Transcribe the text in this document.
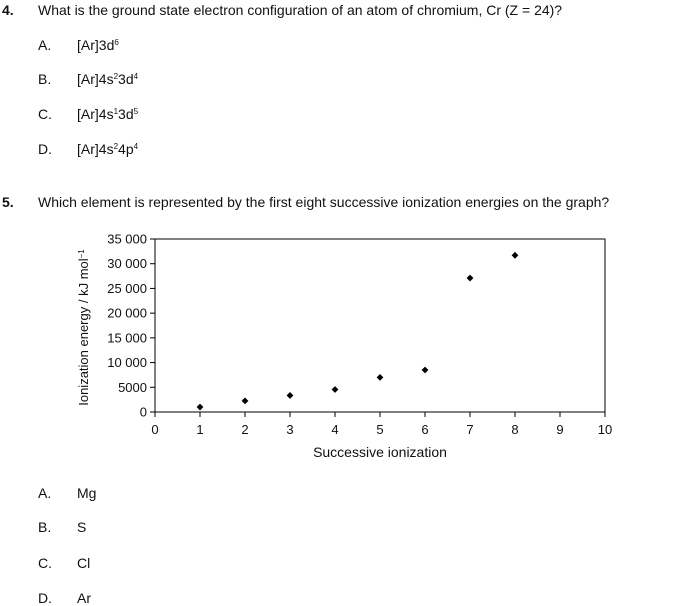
4. What is the ground state electron configuration of an atom of chromium, Cr (Z = 24)?
A. $[Ar]3d^6$
B. $[Ar]4s^23d^4$
C. $[Ar]4s^13d^5$
D. $[Ar]4s^24p^4$
5. Which element is represented by the first eight successive ionization energies on the graph?
0
5000
10 000
15 000
20 000
25 000
30 000
35 000
0	1	2	3	4	5	6	7	8	9	10
Successive ionization
Ionization energy / kJ mol$^{-1}$
A. Mg
B. S
C. Cl
D. Ar
